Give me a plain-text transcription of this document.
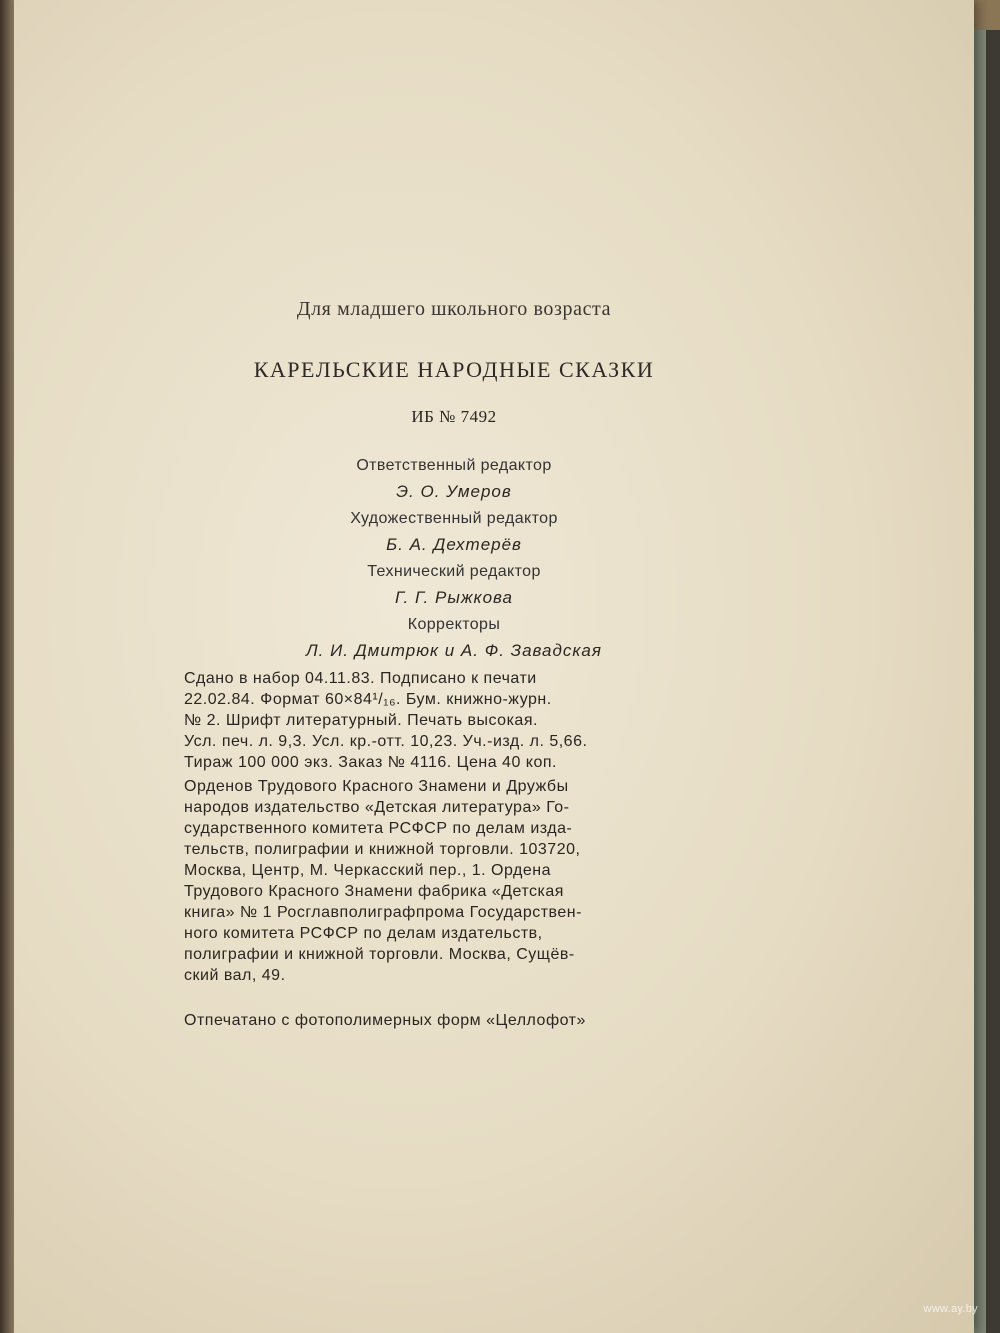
Для младшего школьного возраста

КАРЕЛЬСКИЕ НАРОДНЫЕ СКАЗКИ

ИБ № 7492

Ответственный редактор

Э. О. Умеров

Художественный редактор

Б. А. Дехтерёв

Технический редактор

Г. Г. Рыжкова

Корректоры

Л. И. Дмитрюк и А. Ф. Завадская

Сдано в набор 04.11.83. Подписано к печати
22.02.84. Формат 60×84¹/₁₆. Бум. книжно-журн.
№ 2. Шрифт литературный. Печать высокая.
Усл. печ. л. 9,3. Усл. кр.-отт. 10,23. Уч.-изд. л. 5,66.
Тираж 100 000 экз. Заказ № 4116. Цена 40 коп.
Орденов Трудового Красного Знамени и Дружбы
народов издательство «Детская литература» Го-
сударственного комитета РСФСР по делам изда-
тельств, полиграфии и книжной торговли. 103720,
Москва, Центр, М. Черкасский пер., 1. Ордена
Трудового Красного Знамени фабрика «Детская
книга» № 1 Росглавполиграфпрома Государствен-
ного комитета РСФСР по делам издательств,
полиграфии и книжной торговли. Москва, Сущёв-
ский вал, 49.

Отпечатано с фотополимерных форм «Целлофот»

www.ay.by
